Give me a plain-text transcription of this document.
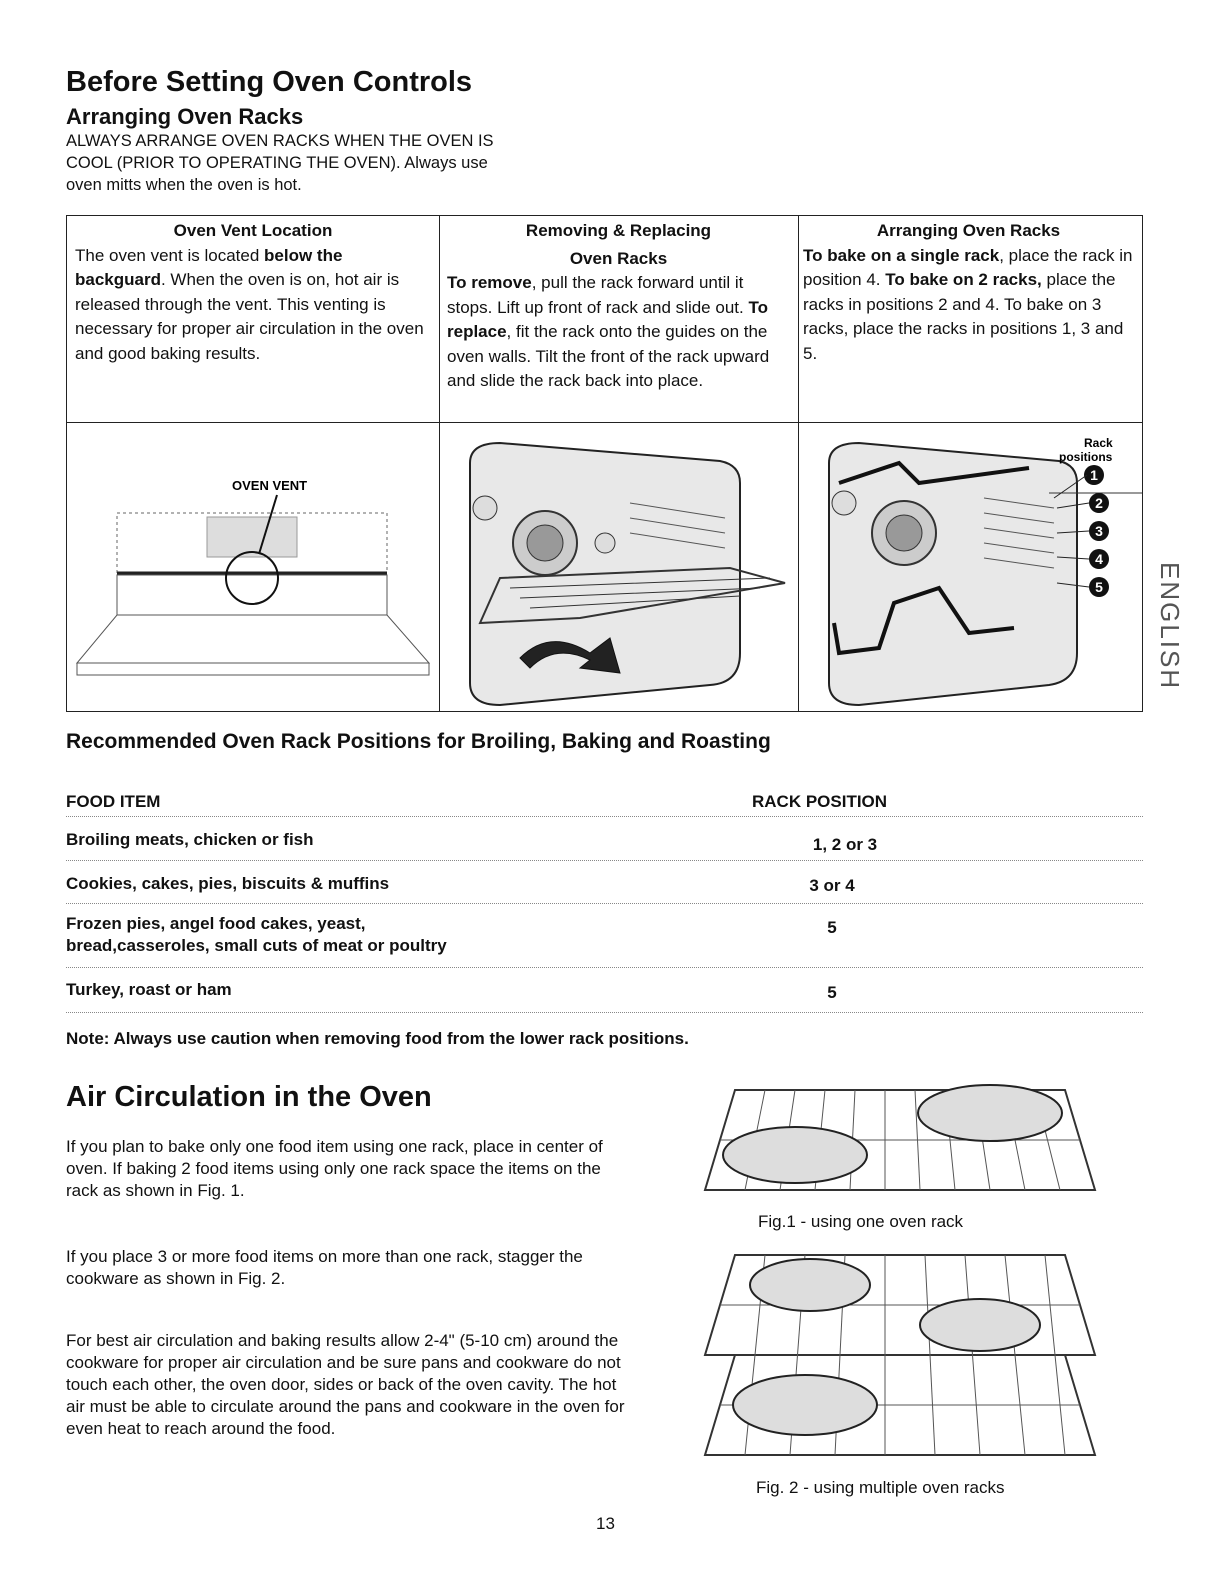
Before Setting Oven Controls
Arranging Oven Racks
ALWAYS ARRANGE OVEN RACKS WHEN THE OVEN IS
COOL (PRIOR TO OPERATING THE OVEN). Always use
oven mitts when the oven is hot.
Oven Vent Location
The oven vent is located below the backguard. When the oven is on, hot air is released through the vent. This venting is necessary for proper air circulation in the oven and good baking results.
Removing & Replacing
Oven Racks
To remove, pull the rack forward until it stops. Lift up front of rack and slide out. To replace, fit the rack onto the guides on the oven walls. Tilt the front of the rack upward and slide the rack back into place.
Arranging Oven Racks
To bake on a single rack, place the rack in position 4. To bake on 2 racks, place the racks in positions 2 and 4. To bake on 3 racks, place the racks in positions 1, 3 and 5.
OVEN VENT
Rack
positions
1
2
3
4
5 ENGLISH
Recommended Oven Rack Positions for Broiling, Baking and Roasting
FOOD ITEM	RACK POSITION
Broiling meats, chicken or fish	1, 2 or 3
Cookies, cakes, pies, biscuits & muffins	3 or 4
Frozen pies, angel food cakes, yeast,
bread,casseroles, small cuts of meat or poultry
5
Turkey, roast or ham	5
Note: Always use caution when removing food from the lower rack positions.
Air Circulation in the Oven
If you plan to bake only one food item using one rack, place in center of oven. If baking 2 food items using only one rack space the items on the rack as shown in Fig. 1.
If you place 3 or more food items on more than one rack, stagger the cookware as shown in Fig. 2.
For best air circulation and baking results allow 2-4" (5-10 cm) around the cookware for proper air circulation and be sure pans and cookware do not touch each other, the oven door, sides or back of the oven cavity. The hot air must be able to circulate around the pans and cookware in the oven for even heat to reach around the food.
Fig.1 - using one oven rack
Fig. 2 - using multiple oven racks
13
